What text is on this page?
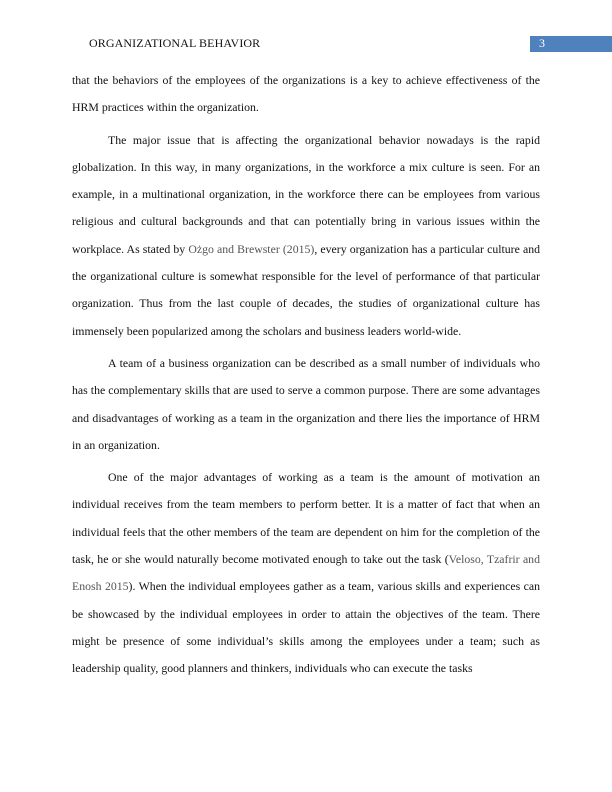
ORGANIZATIONAL BEHAVIOR	3

that the behaviors of the employees of the organizations is a key to achieve effectiveness of the HRM practices within the organization.

The major issue that is affecting the organizational behavior nowadays is the rapid globalization. In this way, in many organizations, in the workforce a mix culture is seen. For an example, in a multinational organization, in the workforce there can be employees from various religious and cultural backgrounds and that can potentially bring in various issues within the workplace. As stated by Ożgo and Brewster (2015), every organization has a particular culture and the organizational culture is somewhat responsible for the level of performance of that particular organization. Thus from the last couple of decades, the studies of organizational culture has immensely been popularized among the scholars and business leaders world-wide.

A team of a business organization can be described as a small number of individuals who has the complementary skills that are used to serve a common purpose. There are some advantages and disadvantages of working as a team in the organization and there lies the importance of HRM in an organization.

One of the major advantages of working as a team is the amount of motivation an individual receives from the team members to perform better. It is a matter of fact that when an individual feels that the other members of the team are dependent on him for the completion of the task, he or she would naturally become motivated enough to take out the task (Veloso, Tzafrir and Enosh 2015). When the individual employees gather as a team, various skills and experiences can be showcased by the individual employees in order to attain the objectives of the team. There might be presence of some individual’s skills among the employees under a team; such as leadership quality, good planners and thinkers, individuals who can execute the tasks
